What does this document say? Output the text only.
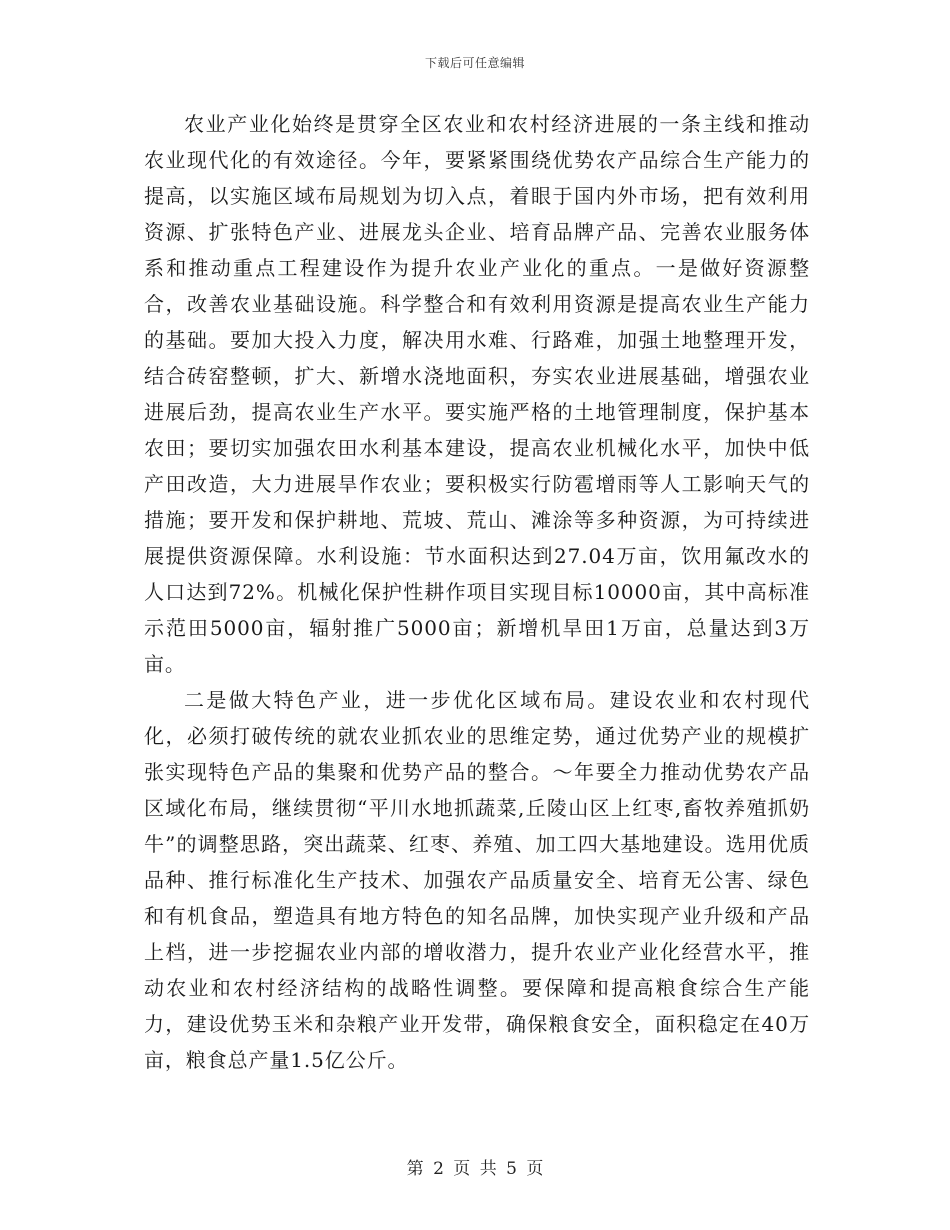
下载后可任意编辑

农业产业化始终是贯穿全区农业和农村经济进展的一条主线和推动农业现代化的有效途径。今年，要紧紧围绕优势农产品综合生产能力的提高，以实施区域布局规划为切入点，着眼于国内外市场，把有效利用资源、扩张特色产业、进展龙头企业、培育品牌产品、完善农业服务体系和推动重点工程建设作为提升农业产业化的重点。一是做好资源整合，改善农业基础设施。科学整合和有效利用资源是提高农业生产能力的基础。要加大投入力度，解决用水难、行路难，加强土地整理开发，结合砖窑整顿，扩大、新增水浇地面积，夯实农业进展基础，增强农业进展后劲，提高农业生产水平。要实施严格的土地管理制度，保护基本农田；要切实加强农田水利基本建设，提高农业机械化水平，加快中低产田改造，大力进展旱作农业；要积极实行防雹增雨等人工影响天气的措施；要开发和保护耕地、荒坡、荒山、滩涂等多种资源，为可持续进展提供资源保障。水利设施：节水面积达到27.04万亩，饮用氟改水的人口达到72%。机械化保护性耕作项目实现目标10000亩，其中高标准示范田5000亩，辐射推广5000亩；新增机旱田1万亩，总量达到3万亩。

二是做大特色产业，进一步优化区域布局。建设农业和农村现代化，必须打破传统的就农业抓农业的思维定势，通过优势产业的规模扩张实现特色产品的集聚和优势产品的整合。～年要全力推动优势农产品区域化布局，继续贯彻“平川水地抓蔬菜,丘陵山区上红枣,畜牧养殖抓奶牛”的调整思路，突出蔬菜、红枣、养殖、加工四大基地建设。选用优质品种、推行标准化生产技术、加强农产品质量安全、培育无公害、绿色和有机食品，塑造具有地方特色的知名品牌，加快实现产业升级和产品上档，进一步挖掘农业内部的增收潜力，提升农业产业化经营水平，推动农业和农村经济结构的战略性调整。要保障和提高粮食综合生产能力，建设优势玉米和杂粮产业开发带，确保粮食安全，面积稳定在40万亩，粮食总产量1.5亿公斤。

第 2 页 共 5 页
